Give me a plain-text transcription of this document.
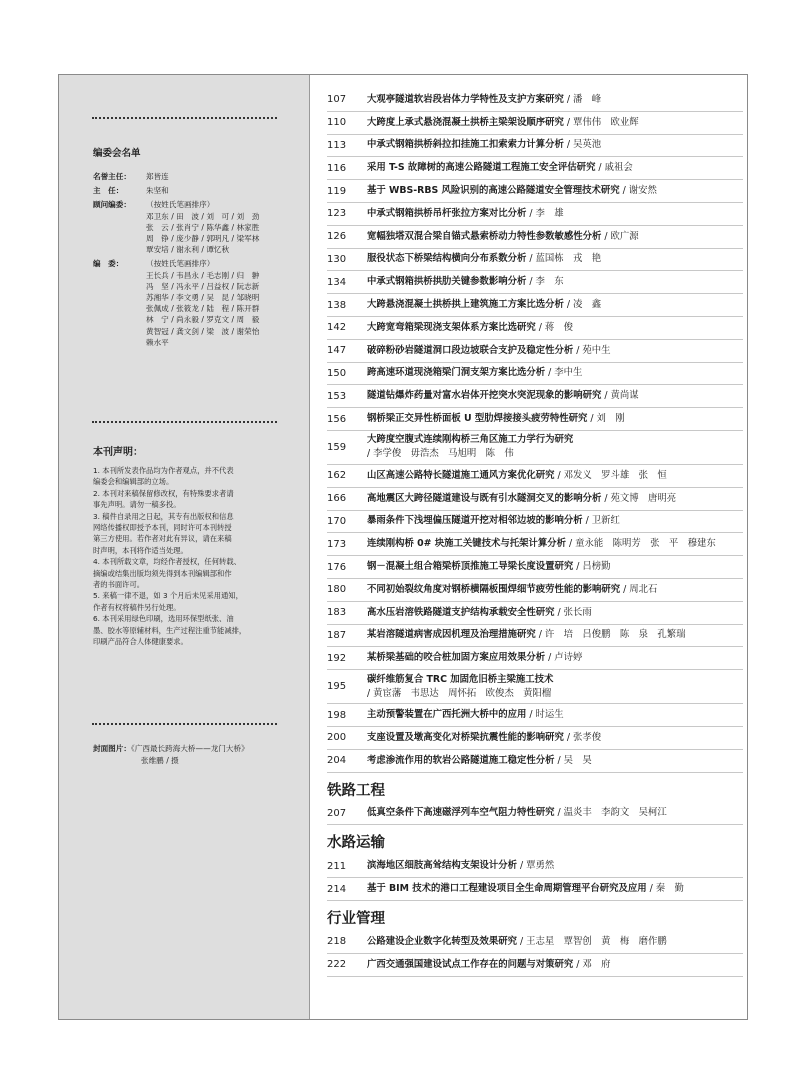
编委会名单
名誉主任：	郑皆连
主　任：	朱坚和
顾问编委：	（按姓氏笔画排序）
邓卫东 / 田　波 / 刘　可 / 刘　劲
张　云 / 张肖宁 / 陈华鑫 / 林家胜
周　铮 / 庞少静 / 郭明凡 / 梁军林
覃安培 / 谢永利 / 谭忆秋
编　委：	（按姓氏笔画排序）
王长兵 / 韦昌永 / 毛志刚 / 归　翀
冯　坚 / 冯永平 / 吕益权 / 阮志新
苏湘华 / 李文勇 / 吴　昆 / 邹晓明
张佩成 / 张筱龙 / 陆　程 / 陈开群
林　宁 / 尚永毅 / 罗克文 / 周　毅
黄智冠 / 龚文剑 / 梁　波 / 谢荣怡
赖水平
本刊声明：
1. 本刊所发表作品均为作者观点，并不代表
编委会和编辑部的立场。
2. 本刊对来稿保留修改权，有特殊要求者请
事先声明。请勿一稿多投。
3. 稿件自录用之日起，其专有出版权和信息
网络传播权即授予本刊，同时许可本刊转授
第三方使用。若作者对此有异议，请在来稿
时声明，本刊将作适当处理。
4. 本刊所载文章，均经作者授权，任何转载、
摘编或结集出版均须先得到本刊编辑部和作
者的书面许可。
5. 来稿一律不退，如 3 个月后未见采用通知，
作者有权将稿件另行处理。
6. 本刊采用绿色印刷，选用环保型纸张、油
墨、胶水等原辅材料，生产过程注重节能减排，
印刷产品符合人体健康要求。
封面图片：《广西最长跨海大桥——龙门大桥》
张维鹏 / 摄
107	大观亭隧道软岩段岩体力学特性及支护方案研究 / 潘　峰
110	大跨度上承式悬浇混凝土拱桥主梁架设顺序研究 / 覃伟伟　欧业辉
113	中承式钢箱拱桥斜拉扣挂施工扣索索力计算分析 / 吴英池
116	采用 T-S 故障树的高速公路隧道工程施工安全评估研究 / 戚祖会
119	基于 WBS-RBS 风险识别的高速公路隧道安全管理技术研究 / 谢安然
123	中承式钢箱拱桥吊杆张拉方案对比分析 / 李　雄
126	宽幅独塔双混合梁自锚式悬索桥动力特性参数敏感性分析 / 欧广源
130	服役状态下桥梁结构横向分布系数分析 / 蓝国栋　戎　艳
134	中承式钢箱拱桥拱肋关键参数影响分析 / 李　东
138	大跨悬浇混凝土拱桥拱上建筑施工方案比选分析 / 凌　鑫
142	大跨宽弯箱梁现浇支架体系方案比选研究 / 蒋　俊
147	破碎粉砂岩隧道洞口段边坡联合支护及稳定性分析 / 苑中生
150	跨高速环道现浇箱梁门洞支架方案比选分析 / 李中生
153	隧道钻爆炸药量对富水岩体开挖突水突泥现象的影响研究 / 黄尚谋
156	钢桥梁正交异性桥面板 U 型肋焊接接头疲劳特性研究 / 刘　刚
159
大跨度空腹式连续刚构桥三角区施工力学行为研究
/ 李学俊　毋浩杰　马旭明　陈　伟
162	山区高速公路特长隧道施工通风方案优化研究 / 邓发义　罗斗雄　张　恒
166	高地震区大跨径隧道建设与既有引水隧洞交叉的影响分析 / 苑文博　唐明亮
170	暴雨条件下浅埋偏压隧道开挖对相邻边坡的影响分析 / 卫新红
173	连续刚构桥 0# 块施工关键技术与托架计算分析 / 童永能　陈明芳　张　平　穆建东
176	钢－混凝土组合箱梁桥顶推施工导梁长度设置研究 / 吕榜勤
180	不同初始裂纹角度对钢桥横隔板围焊细节疲劳性能的影响研究 / 周北石
183	高水压岩溶铁路隧道支护结构承载安全性研究 / 张长雨
187	某岩溶隧道病害成因机理及治理措施研究 / 许　培　吕俊鹏　陈　泉　孔繁瑞
192	某桥梁基础的咬合桩加固方案应用效果分析 / 卢诗婷
195
碳纤维筋复合 TRC 加固危旧桥主梁施工技术
/ 黄宦藩　韦思达　周怀拓　欧俊杰　黄阳榴
198	主动预警装置在广西托洲大桥中的应用 / 时运生
200	支座设置及墩高变化对桥梁抗震性能的影响研究 / 张孝俊
204	考虑渗流作用的软岩公路隧道施工稳定性分析 / 吴　昊
铁路工程
207	低真空条件下高速磁浮列车空气阻力特性研究 / 温炎丰　李韵文　吴柯江
水路运输
211	滨海地区细肢高耸结构支架设计分析 / 覃勇然
214	基于 BIM 技术的港口工程建设项目全生命周期管理平台研究及应用 / 秦　勤
行业管理
218	公路建设企业数字化转型及效果研究 / 王志星　覃智创　黄　梅　磨作鹏
222	广西交通强国建设试点工作存在的问题与对策研究 / 邓　府
